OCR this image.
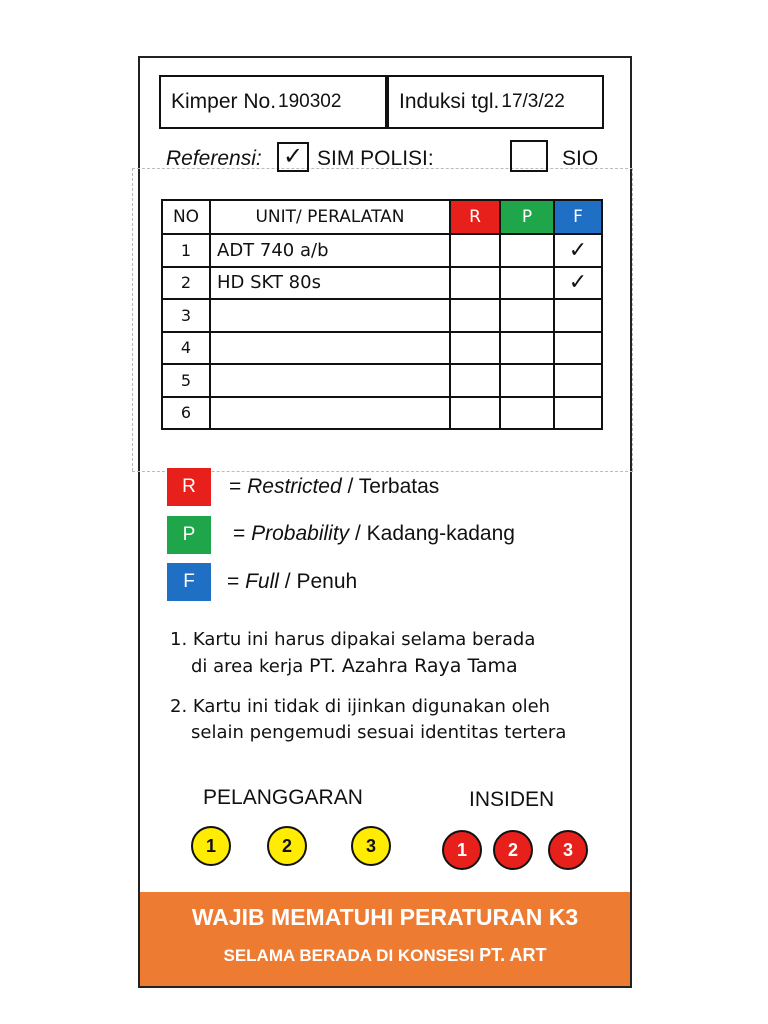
Kimper No. 190302	Induksi tgl. 17/3/22
Referensi: ✓ SIM POLISI:	SIO
NO	UNIT/ PERALATAN	R	P	F
1	ADT 740 a/b			✓
2	HD SKT 80s			✓
3				
4				
5				
6				
R	= Restricted / Terbatas
P	= Probability / Kadang-kadang
F	= Full / Penuh
1. Kartu ini harus dipakai selama berada
di area kerja PT. Azahra Raya Tama
2. Kartu ini tidak di ijinkan digunakan oleh
selain pengemudi sesuai identitas tertera
PELANGGARAN	INSIDEN
1	2	3	1	2	3
WAJIB MEMATUHI PERATURAN K3
SELAMA BERADA DI KONSESI PT. ART
